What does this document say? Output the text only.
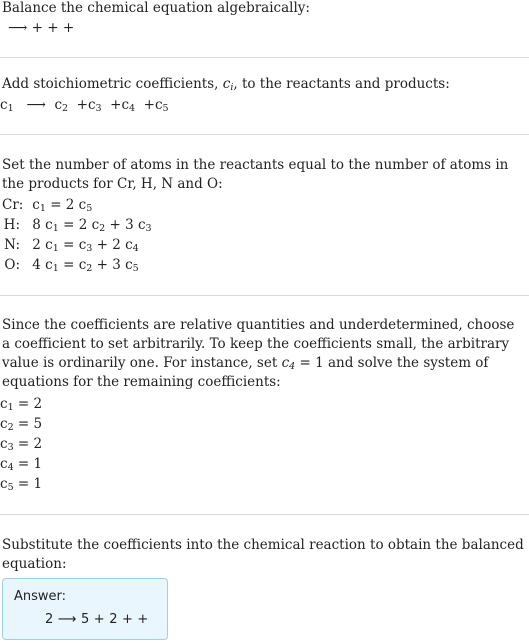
Balance the chemical equation algebraically:
⟶ + + +
Add stoichiometric coefficients, $c_i$, to the reactants and products:
$c_1$ ⟶ $c_2 +c_3 +c_4 +c_5$
Set the number of atoms in the reactants equal to the number of atoms in the products for Cr, H, N and O:
Cr: $c_1 = 2$ $c_5$
H: 8 $c_1 = 2$ $c_2 + 3$ $c_3$
N: 2 $c_1 = c_3 + 2$ $c_4$
O: 4 $c_1 = c_2 + 3$ $c_5$
Since the coefficients are relative quantities and underdetermined, choose a coefficient to set arbitrarily. To keep the coefficients small, the arbitrary value is ordinarily one. For instance, set $c_4 = 1$ and solve the system of equations for the remaining coefficients:
$c_1 = 2$
$c_2 = 5$
$c_3 = 2$
$c_4 = 1$
$c_5 = 1$
Substitute the coefficients into the chemical reaction to obtain the balanced equation:
Answer:
2 ⟶ 5 + 2 + +
